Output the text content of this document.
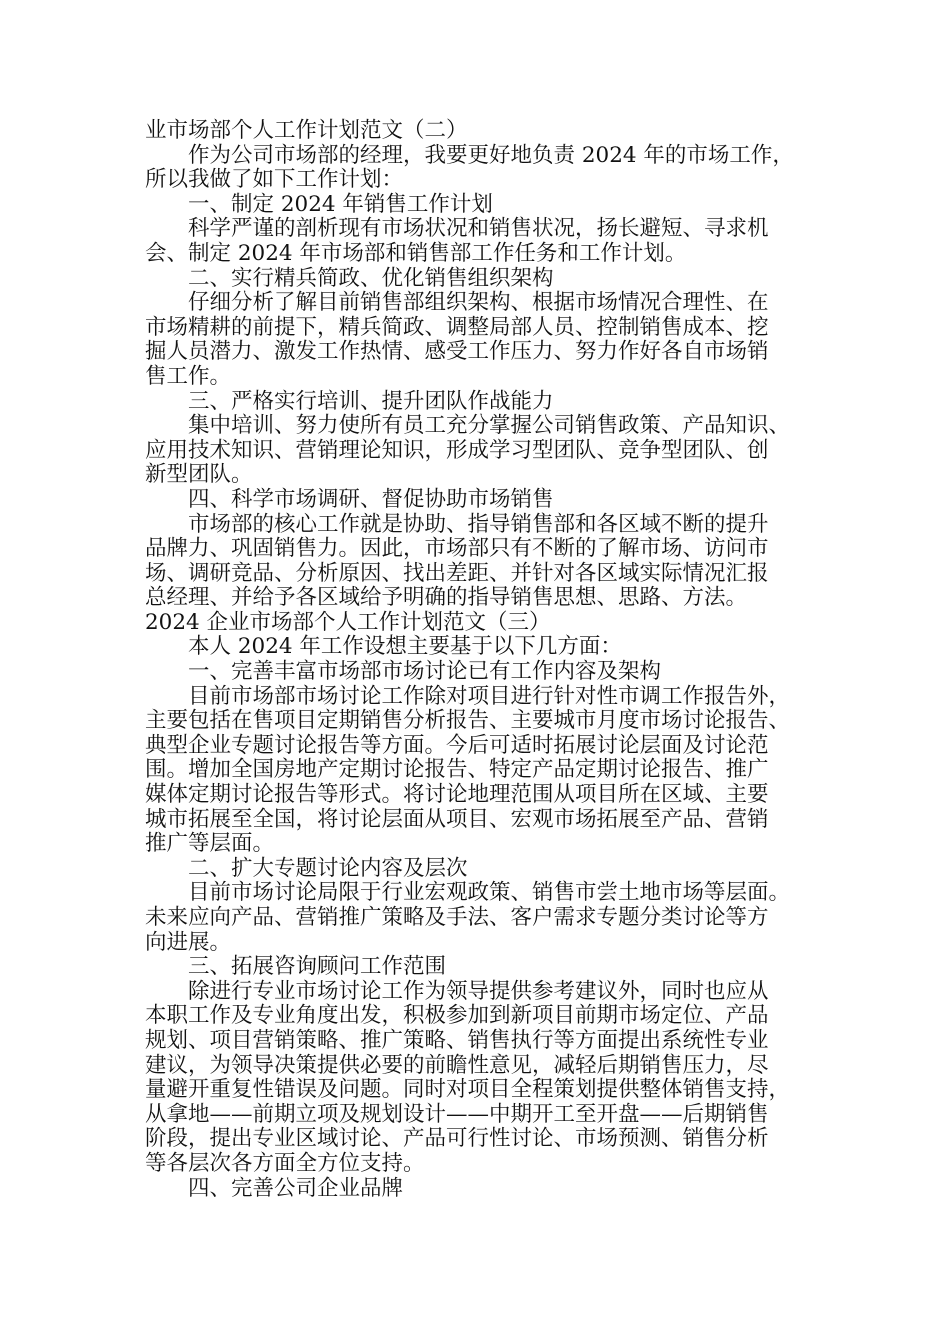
业市场部个人工作计划范文（二）
作为公司市场部的经理，我要更好地负责 2024 年的市场工作，
所以我做了如下工作计划：
一、制定 2024 年销售工作计划
科学严谨的剖析现有市场状况和销售状况，扬长避短、寻求机
会、制定 2024 年市场部和销售部工作任务和工作计划。
二、实行精兵简政、优化销售组织架构
仔细分析了解目前销售部组织架构、根据市场情况合理性、在
市场精耕的前提下，精兵简政、调整局部人员、控制销售成本、挖
掘人员潜力、激发工作热情、感受工作压力、努力作好各自市场销
售工作。
三、严格实行培训、提升团队作战能力
集中培训、努力使所有员工充分掌握公司销售政策、产品知识、
应用技术知识、营销理论知识，形成学习型团队、竞争型团队、创
新型团队。
四、科学市场调研、督促协助市场销售
市场部的核心工作就是协助、指导销售部和各区域不断的提升
品牌力、巩固销售力。因此，市场部只有不断的了解市场、访问市
场、调研竞品、分析原因、找出差距、并针对各区域实际情况汇报
总经理、并给予各区域给予明确的指导销售思想、思路、方法。
2024 企业市场部个人工作计划范文（三）
本人 2024 年工作设想主要基于以下几方面：
一、完善丰富市场部市场讨论已有工作内容及架构
目前市场部市场讨论工作除对项目进行针对性市调工作报告外，
主要包括在售项目定期销售分析报告、主要城市月度市场讨论报告、
典型企业专题讨论报告等方面。今后可适时拓展讨论层面及讨论范
围。增加全国房地产定期讨论报告、特定产品定期讨论报告、推广
媒体定期讨论报告等形式。将讨论地理范围从项目所在区域、主要
城市拓展至全国，将讨论层面从项目、宏观市场拓展至产品、营销
推广等层面。
二、扩大专题讨论内容及层次
目前市场讨论局限于行业宏观政策、销售市尝土地市场等层面。
未来应向产品、营销推广策略及手法、客户需求专题分类讨论等方
向进展。
三、拓展咨询顾问工作范围
除进行专业市场讨论工作为领导提供参考建议外，同时也应从
本职工作及专业角度出发，积极参加到新项目前期市场定位、产品
规划、项目营销策略、推广策略、销售执行等方面提出系统性专业
建议，为领导决策提供必要的前瞻性意见，减轻后期销售压力，尽
量避开重复性错误及问题。同时对项目全程策划提供整体销售支持，
从拿地——前期立项及规划设计——中期开工至开盘——后期销售
阶段，提出专业区域讨论、产品可行性讨论、市场预测、销售分析
等各层次各方面全方位支持。
四、完善公司企业品牌
